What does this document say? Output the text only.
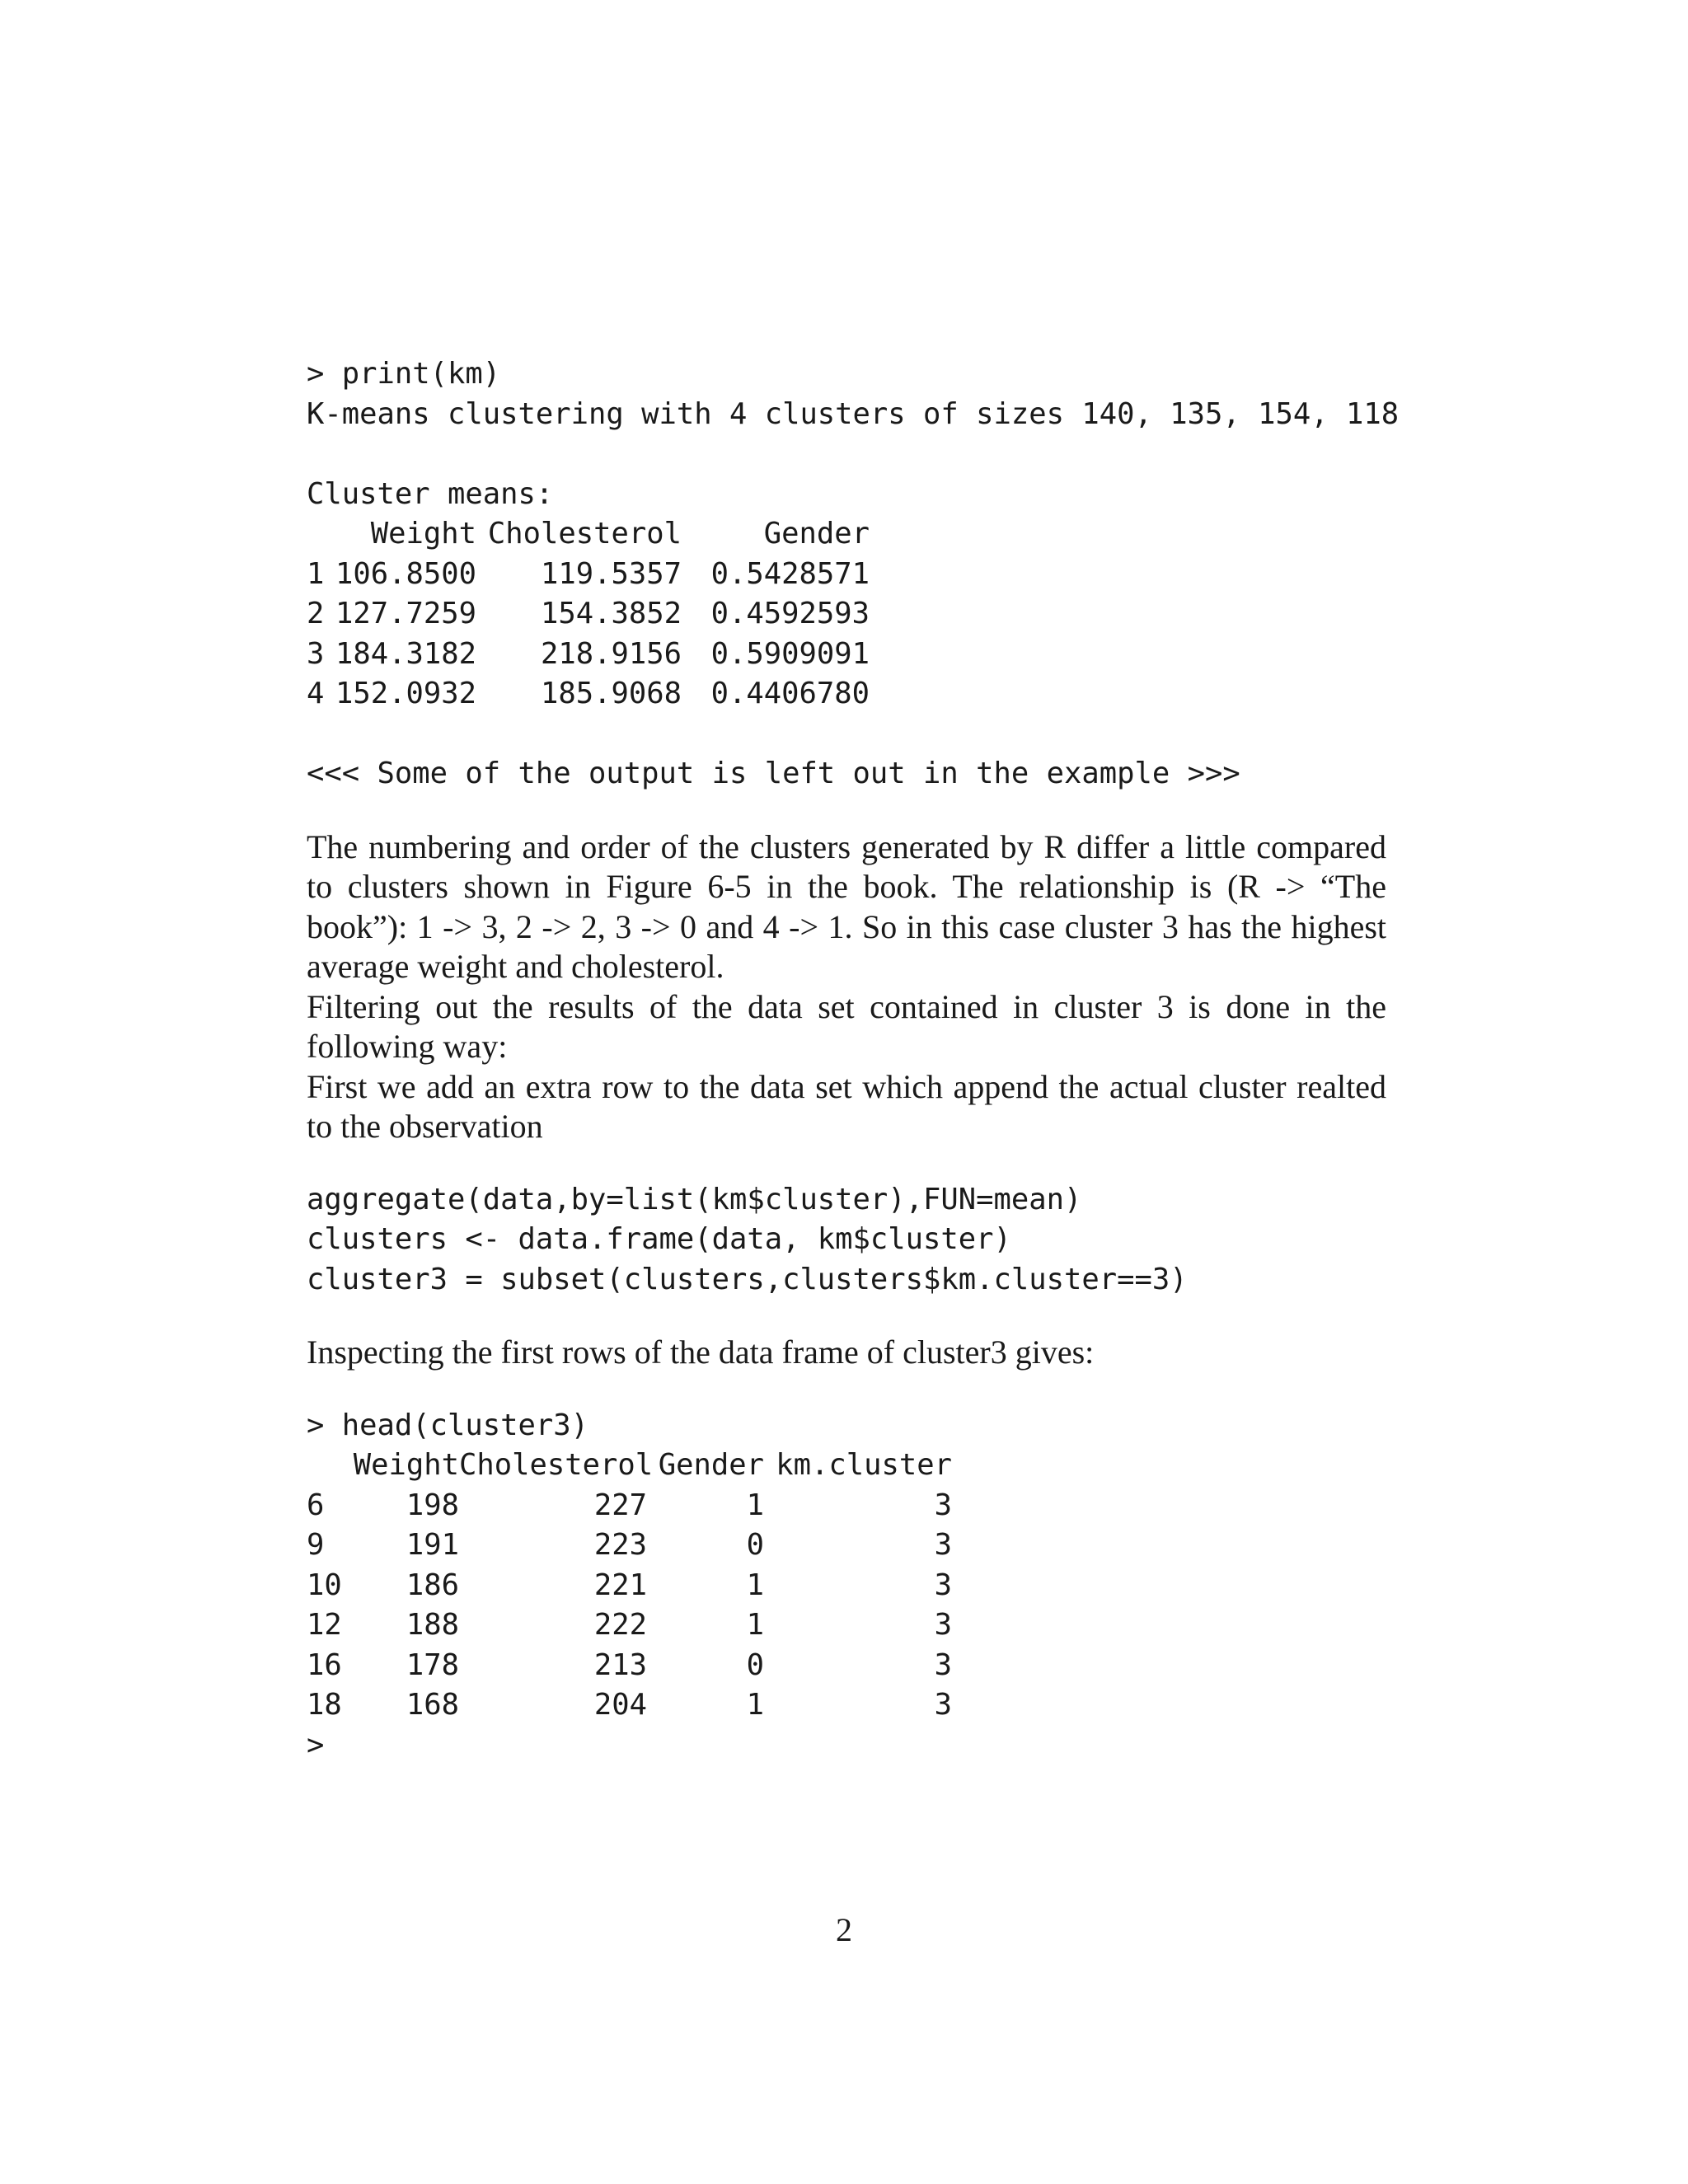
> print(km)
K-means clustering with 4 clusters of sizes 140, 135, 154, 118
Cluster means:
Weight Cholesterol	Gender
1 106.8500	119.5357	0.5428571
2 127.7259	154.3852	0.4592593
3 184.3182	218.9156	0.5909091
4 152.0932	185.9068	0.4406780
<<< Some of the output is left out in the example >>>

The numbering and order of the clusters generated by R differ a little compared to clusters shown in Figure 6-5 in the book. The relationship is (R -> “The book”): 1 -> 3, 2 -> 2, 3 -> 0 and 4 -> 1. So in this case cluster 3 has the highest average weight and cholesterol.

Filtering out the results of the data set contained in cluster 3 is done in the following way:

First we add an extra row to the data set which append the actual cluster realted to the observation

aggregate(data,by=list(km$cluster),FUN=mean)
clusters <- data.frame(data, km$cluster)
cluster3 = subset(clusters,clusters$km.cluster==3)

Inspecting the first rows of the data frame of cluster3 gives:

> head(cluster3)
Weight Cholesterol Gender km.cluster
6	198	227	1	3
9	191	223	0	3
10	186	221	1	3
12	188	222	1	3
16	178	213	0	3
18	168	204	1	3
>
2
